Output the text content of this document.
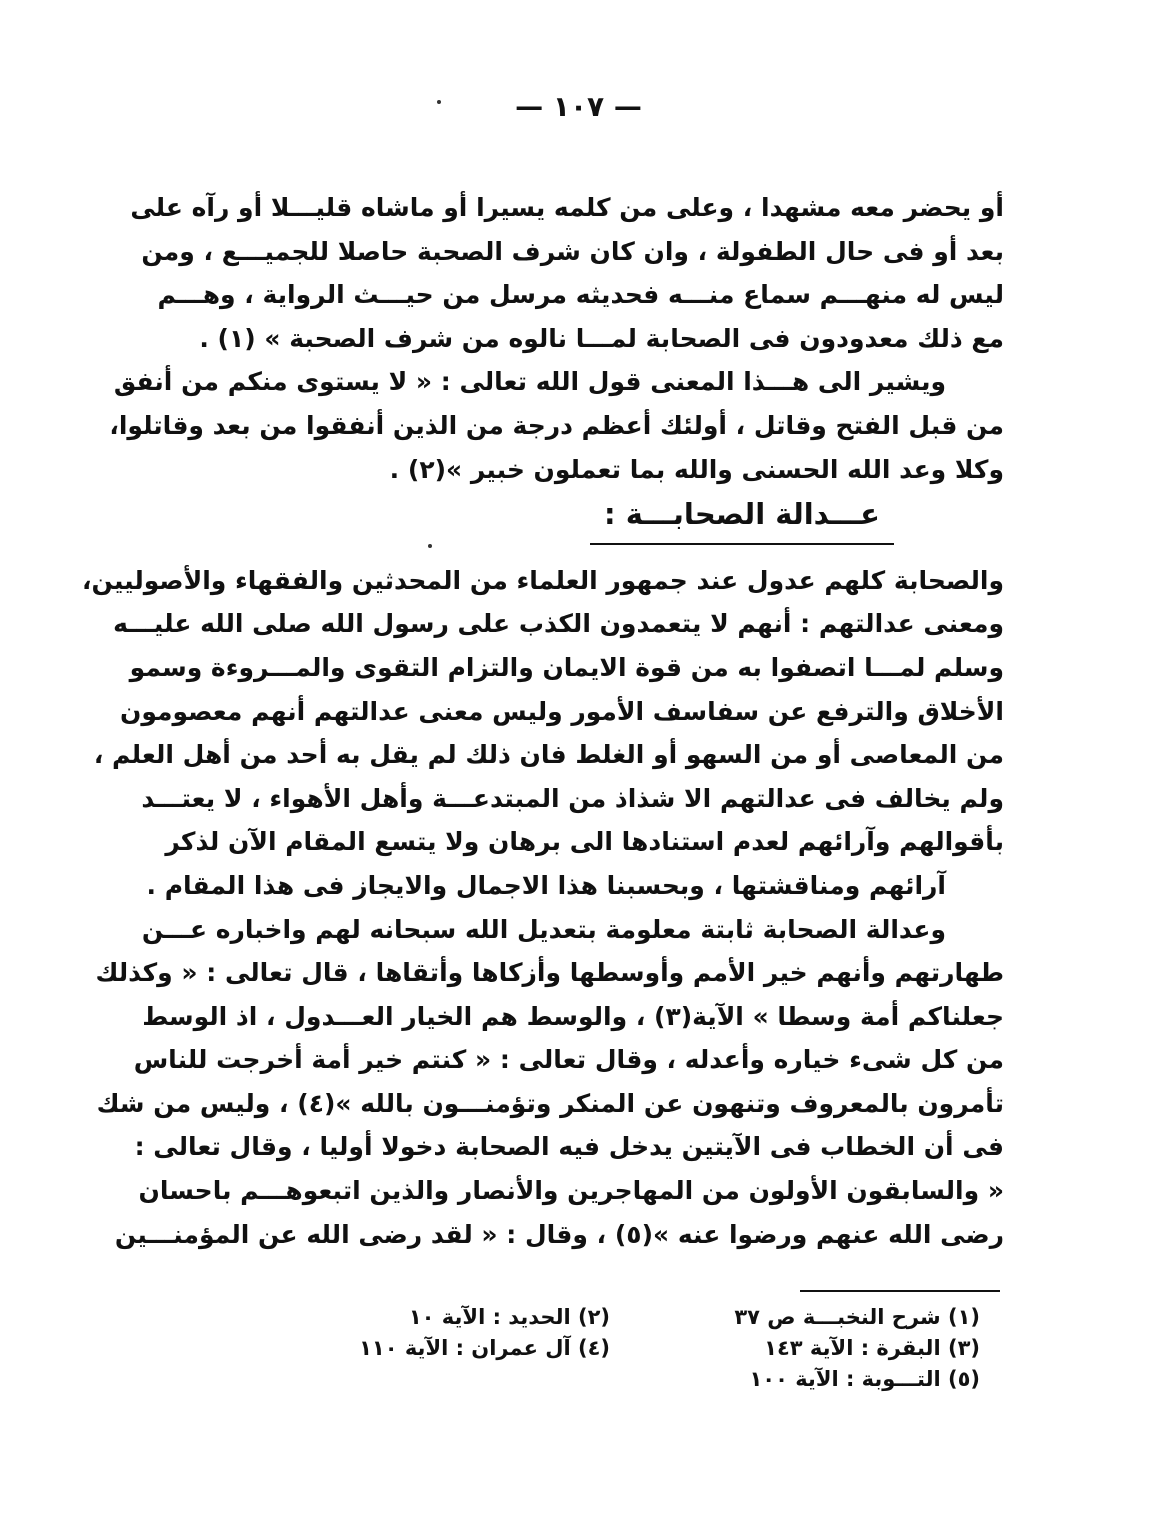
— ١٠٧ —
أو يحضر معه مشهدا ، وعلى من كلمه يسيرا أو ماشاه قليـــلا أو رآه على
بعد أو فى حال الطفولة ، وان كان شرف الصحبة حاصلا للجميـــع ، ومن
ليس له منهـــم سماع منـــه فحديثه مرسل من حيـــث الرواية ، وهـــم
مع ذلك معدودون فى الصحابة لمـــا نالوه من شرف الصحبة » (١) .
ويشير الى هـــذا المعنى قول الله تعالى : « لا يستوى منكم من أنفق
من قبل الفتح وقاتل ، أولئك أعظم درجة من الذين أنفقوا من بعد وقاتلوا،
وكلا وعد الله الحسنى والله بما تعملون خبير »(٢) .
عـــدالة الصحابـــة :
والصحابة كلهم عدول عند جمهور العلماء من المحدثين والفقهاء والأصوليين،
ومعنى عدالتهم : أنهم لا يتعمدون الكذب على رسول الله صلى الله عليـــه
وسلم لمـــا اتصفوا به من قوة الايمان والتزام التقوى والمـــروءة وسمو
الأخلاق والترفع عن سفاسف الأمور وليس معنى عدالتهم أنهم معصومون
من المعاصى أو من السهو أو الغلط فان ذلك لم يقل به أحد من أهل العلم ،
ولم يخالف فى عدالتهم الا شذاذ من المبتدعـــة وأهل الأهواء ، لا يعتـــد
بأقوالهم وآرائهم لعدم استنادها الى برهان ولا يتسع المقام الآن لذكر
آرائهم ومناقشتها ، وبحسبنا هذا الاجمال والايجاز فى هذا المقام .
وعدالة الصحابة ثابتة معلومة بتعديل الله سبحانه لهم واخباره عـــن
طهارتهم وأنهم خير الأمم وأوسطها وأزكاها وأتقاها ، قال تعالى : « وكذلك
جعلناكم أمة وسطا » الآية(٣) ، والوسط هم الخيار العـــدول ، اذ الوسط
من كل شىء خياره وأعدله ، وقال تعالى : « كنتم خير أمة أخرجت للناس
تأمرون بالمعروف وتنهون عن المنكر وتؤمنـــون بالله »(٤) ، وليس من شك
فى أن الخطاب فى الآيتين يدخل فيه الصحابة دخولا أوليا ، وقال تعالى :
« والسابقون الأولون من المهاجرين والأنصار والذين اتبعوهـــم باحسان
رضى الله عنهم ورضوا عنه »(٥) ، وقال : « لقد رضى الله عن المؤمنـــين
(١) شرح النخبـــة ص ٣٧
(٢) الحديد : الآية ١٠
(٣) البقرة : الآية ١٤٣
(٤) آل عمران : الآية ١١٠
(٥) التـــوبة : الآية ١٠٠
